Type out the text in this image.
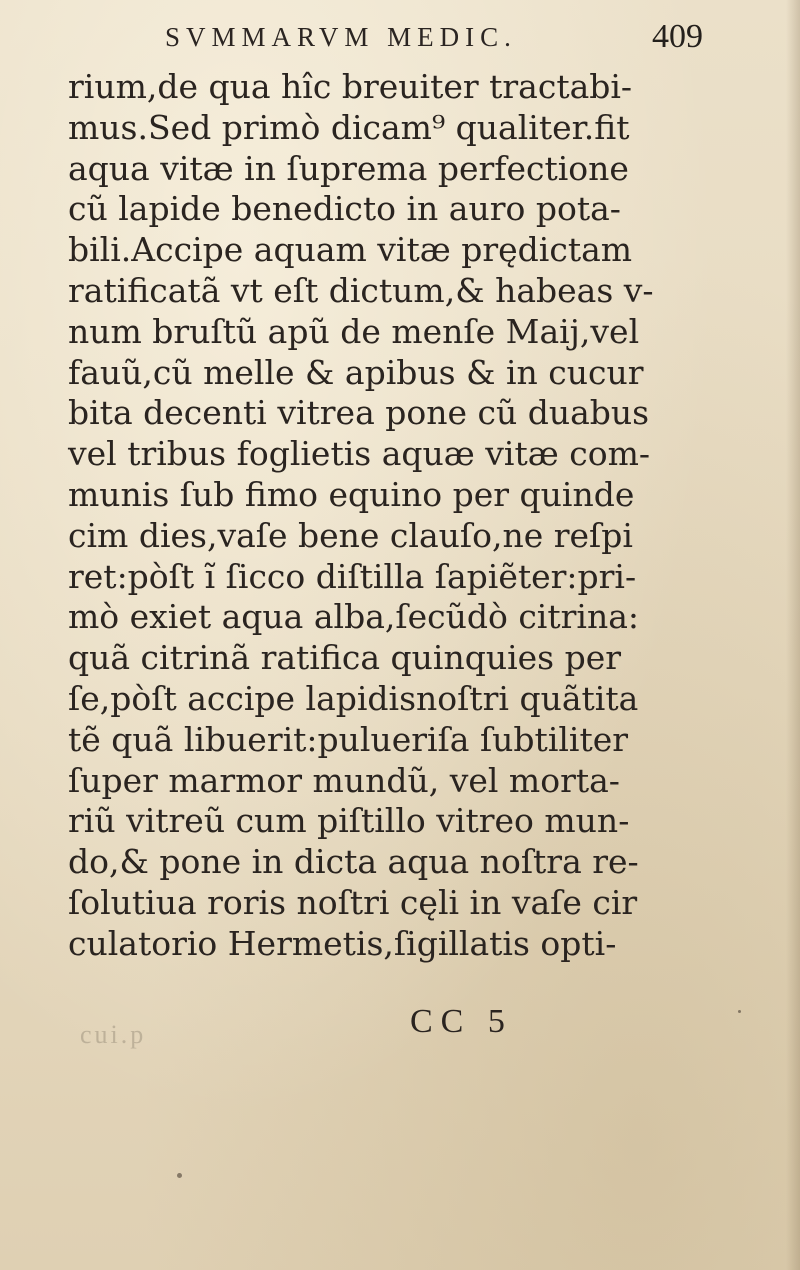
SVMMARVM MEDIC.	409
rium,de qua hîc breuiter tractabi-
mus.Sed primò dicam⁹ qualiter.fit
aqua vitæ in ſuprema perfectione
cũ lapide benedicto in auro pota-
bili.Accipe aquam vitæ prędictam
ratificatã vt eſt dictum,& habeas v-
num bruſtũ apũ de menſe Maij,vel
fauũ,cũ melle & apibus & in cucur
bita decenti vitrea pone cũ duabus
vel tribus foglietis aquæ vitæ com-
munis ſub fimo equino per quinde
cim dies,vaſe bene clauſo,ne reſpi
ret:pòſt ĩ ſicco diſtilla ſapiẽter:pri-
mò exiet aqua alba,ſecũdò citrina:
quã citrinã ratifica quinquies per
ſe,pòſt accipe lapidisnoſtri quãtita
tẽ quã libuerit:pulueriſa ſubtiliter
ſuper marmor mundũ, vel morta-
riũ vitreũ cum piſtillo vitreo mun-
do,& pone in dicta aqua noſtra re-
ſolutiua roris noſtri cęli in vaſe cir
culatorio Hermetis,ſigillatis opti-
cui.p	CC 5
